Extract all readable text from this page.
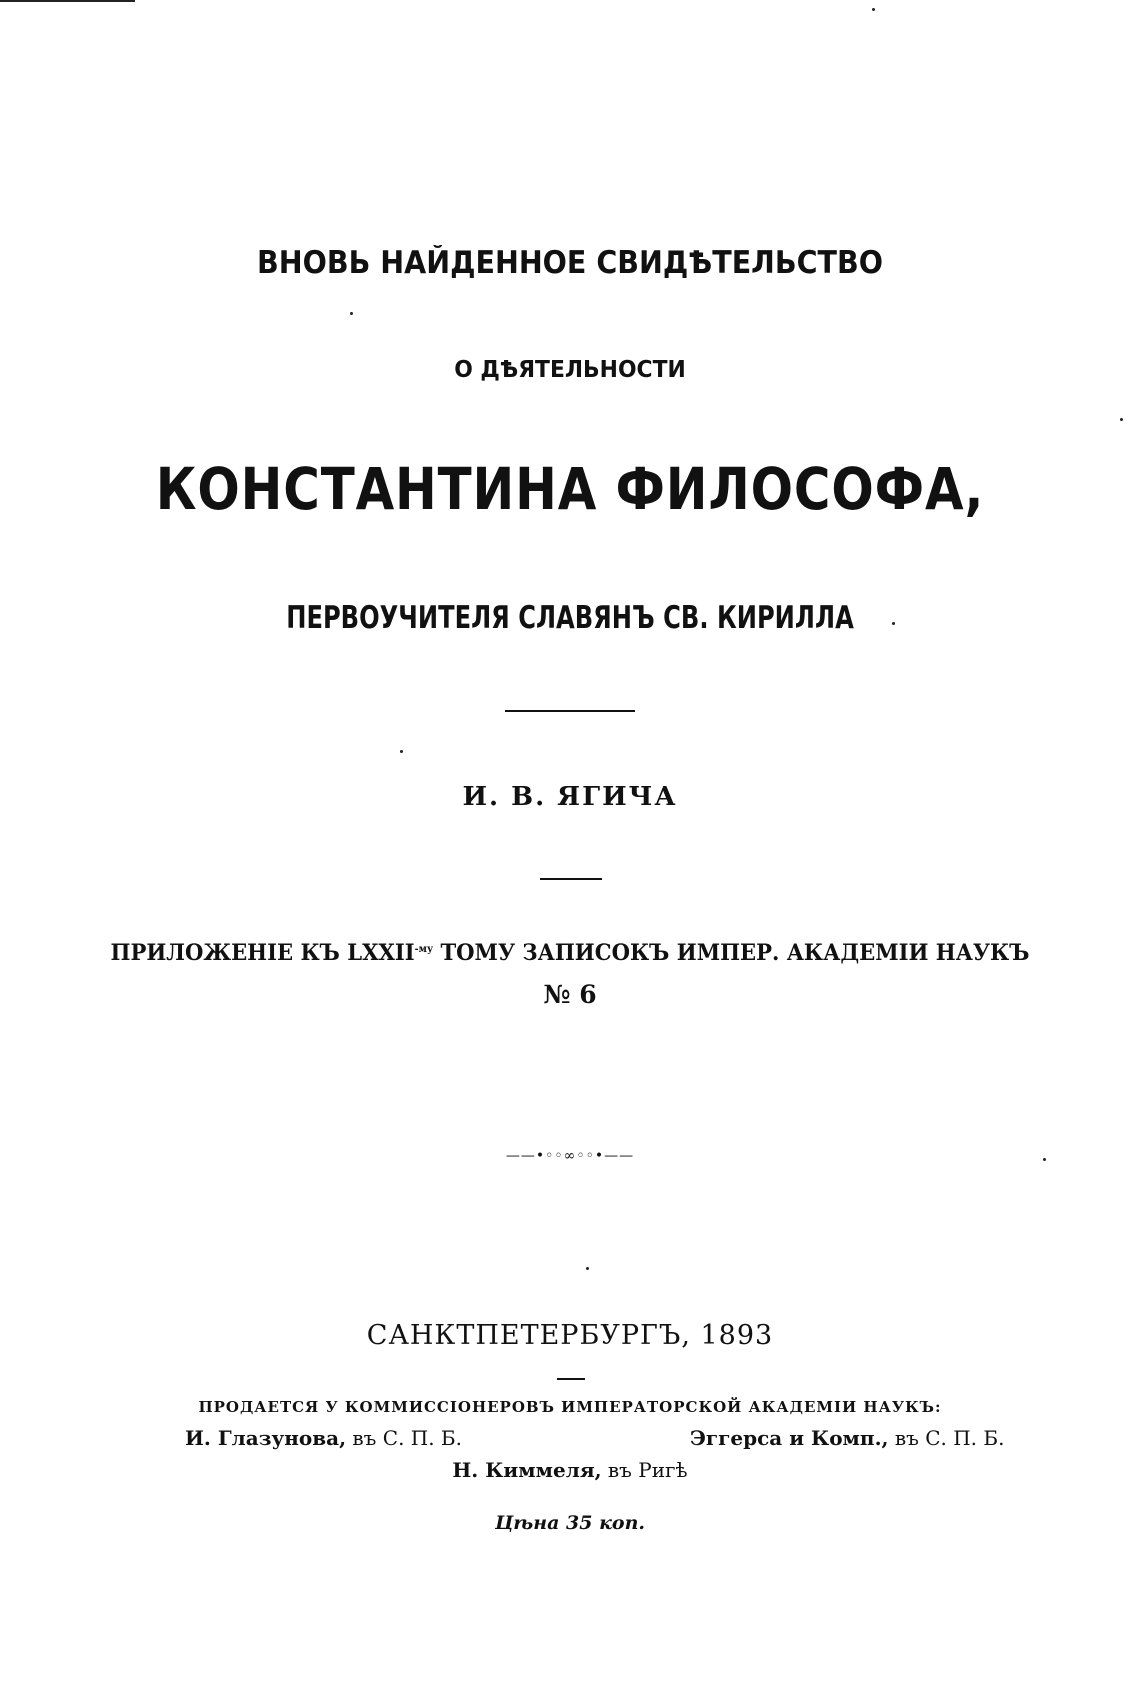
ВНОВЬ НАЙДЕННОЕ СВИДѢТЕЛЬСТВО
О ДѢЯТЕЛЬНОСТИ
КОНСТАНТИНА ФИЛОСОФА,
ПЕРВОУЧИТЕЛЯ СЛАВЯНЪ СВ. КИРИЛЛА
И. В. ЯГИЧА
ПРИЛОЖЕНІЕ КЪ $LXXII^{-му}$ ТОМУ ЗАПИСОКЪ ИМПЕР. АКАДЕМІИ НАУКЪ
№ 6
——•◦◦∞◦◦•——
САНКТПЕТЕРБУРГЪ, 1893
ПРОДАЕТСЯ У КОММИССІОНЕРОВЪ ИМПЕРАТОРСКОЙ АКАДЕМІИ НАУКЪ:
И. Глазунова, въ С. П. Б.	Эггерса и Комп., въ С. П. Б.
Н. Киммеля, въ Ригѣ
Цѣна 35 коп.
